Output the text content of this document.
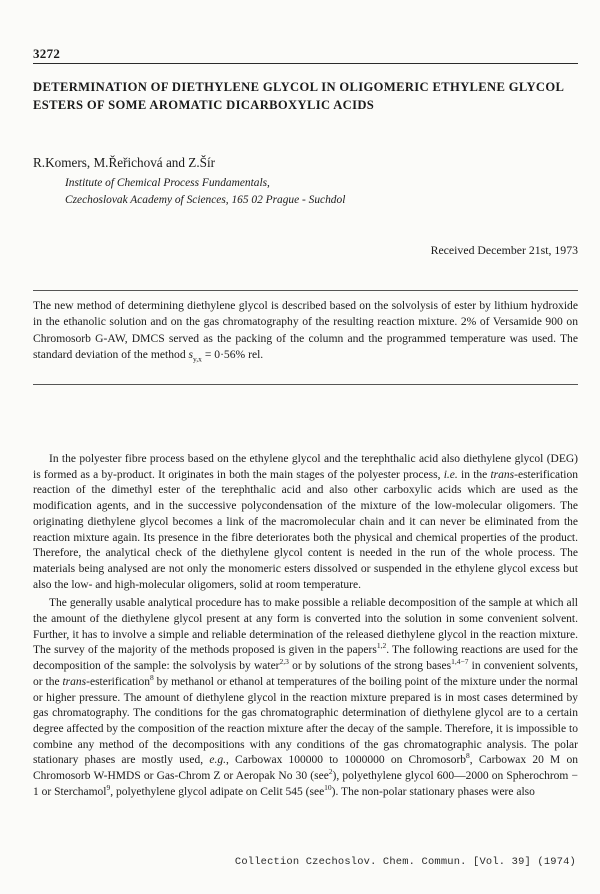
3272
DETERMINATION OF DIETHYLENE GLYCOL IN OLIGOMERIC ETHYLENE GLYCOL ESTERS OF SOME AROMATIC DICARBOXYLIC ACIDS
R.Komers, M.Řeřichová and Z.Šír
Institute of Chemical Process Fundamentals,
Czechoslovak Academy of Sciences, 165 02 Prague - Suchdol
Received December 21st, 1973
The new method of determining diethylene glycol is described based on the solvolysis of ester by lithium hydroxide in the ethanolic solution and on the gas chromatography of the resulting reaction mixture. 2% of Versamide 900 on Chromosorb G-AW, DMCS served as the packing of the column and the programmed temperature was used. The standard deviation of the method $s_{y,x} = 0\cdot 56\%$ rel.

In the polyester fibre process based on the ethylene glycol and the terephthalic acid also diethylene glycol (DEG) is formed as a by-product. It originates in both the main stages of the polyester process, i.e. in the trans-esterification reaction of the dimethyl ester of the terephthalic acid and also other carboxylic acids which are used as the modification agents, and in the successive polycondensation of the mixture of the low-molecular oligomers. The originating diethylene glycol becomes a link of the macromolecular chain and it can never be eliminated from the reaction mixture again. Its presence in the fibre deteriorates both the physical and chemical properties of the product. Therefore, the analytical check of the diethylene glycol content is needed in the run of the whole process. The materials being analysed are not only the monomeric esters dissolved or suspended in the ethylene glycol excess but also the low- and high-molecular oligomers, solid at room temperature.

The generally usable analytical procedure has to make possible a reliable decomposition of the sample at which all the amount of the diethylene glycol present at any form is converted into the solution in some convenient solvent. Further, it has to involve a simple and reliable determination of the released diethylene glycol in the reaction mixture. The survey of the majority of the methods proposed is given in the papers$^{1,2}$. The following reactions are used for the decomposition of the sample: the solvolysis by water$^{2,3}$ or by solutions of the strong bases$^{1,4-7}$ in convenient solvents, or the trans-esterification$^8$ by methanol or ethanol at temperatures of the boiling point of the mixture under the normal or higher pressure. The amount of diethylene glycol in the reaction mixture prepared is in most cases determined by gas chromatography. The conditions for the gas chromatographic determination of diethylene glycol are to a certain degree affected by the composition of the reaction mixture after the decay of the sample. Therefore, it is impossible to combine any method of the decompositions with any conditions of the gas chromatographic analysis. The polar stationary phases are mostly used, e.g., Carbowax 100000 to 1000000 on Chromosorb$^8$, Carbowax 20 M on Chromosorb W-HMDS or Gas-Chrom Z or Aeropak No 30 (see$^2$), polyethylene glycol 600—2000 on Spherochrom − 1 or Sterchamol$^9$, polyethylene glycol adipate on Celit 545 (see$^{10}$). The non-polar stationary phases were also

Collection Czechoslov. Chem. Commun. [Vol. 39] (1974)
